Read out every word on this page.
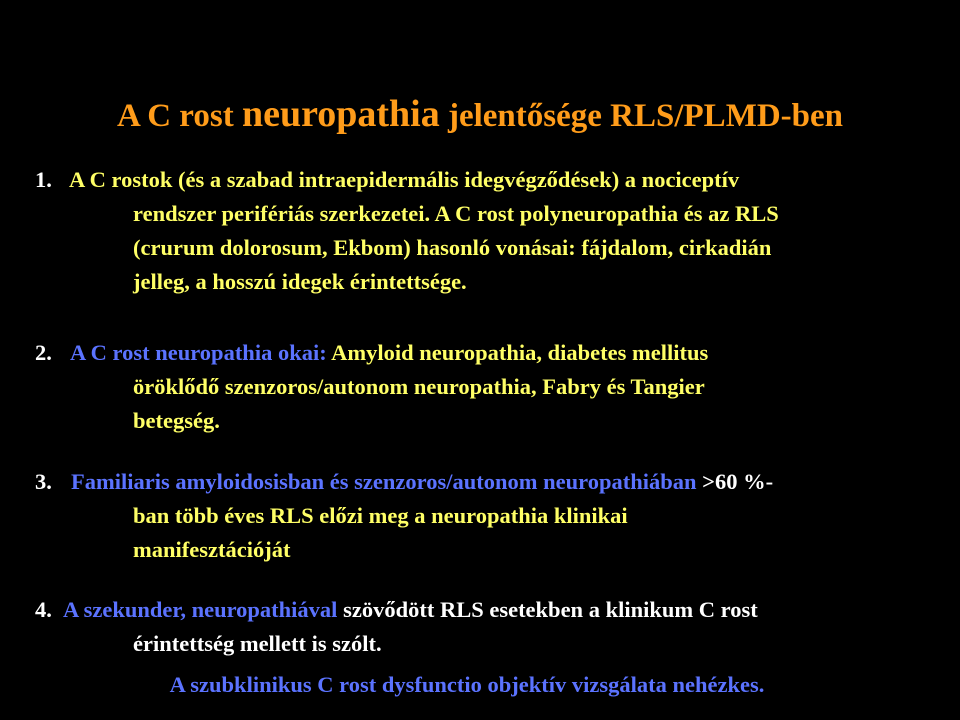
A C rost neuropathia jelentősége RLS/PLMD-ben
1. A C rostok (és a szabad intraepidermális idegvégződések) a nociceptív
rendszer perifériás szerkezetei. A C rost polyneuropathia és az RLS
(crurum dolorosum, Ekbom) hasonló vonásai: fájdalom, cirkadián
jelleg, a hosszú idegek érintettsége.
2. A C rost neuropathia okai: Amyloid neuropathia, diabetes mellitus
öröklődő szenzoros/autonom neuropathia, Fabry és Tangier
betegség.
3. Familiaris amyloidosisban és szenzoros/autonom neuropathiában >60 %-
ban több éves RLS előzi meg a neuropathia klinikai
manifesztációját
4. A szekunder, neuropathiával szövődött RLS esetekben a klinikum C rost
érintettség mellett is szólt.
A szubklinikus C rost dysfunctio objektív vizsgálata nehézkes.
